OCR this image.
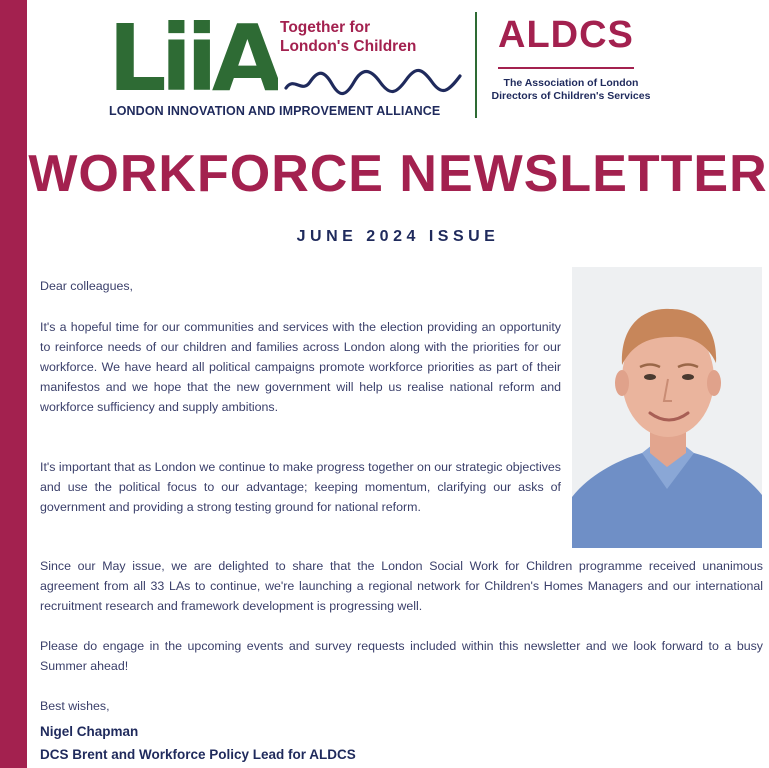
LiiA Together for
London's Children
LONDON INNOVATION AND IMPROVEMENT ALLIANCE
ALDCS
The Association of London
Directors of Children's Services
WORKFORCE NEWSLETTER
JUNE 2024 ISSUE

Dear colleagues,

It's a hopeful time for our communities and services with the election providing an opportunity to reinforce needs of our children and families across London along with the priorities for our workforce. We have heard all political campaigns promote workforce priorities as part of their manifestos and we hope that the new government will help us realise national reform and workforce sufficiency and supply ambitions.

It's important that as London we continue to make progress together on our strategic objectives and use the political focus to our advantage; keeping momentum, clarifying our asks of government and providing a strong testing ground for national reform.

Since our May issue, we are delighted to share that the London Social Work for Children programme received unanimous agreement from all 33 LAs to continue, we're launching a regional network for Children's Homes Managers and our international recruitment research and framework development is progressing well.

Please do engage in the upcoming events and survey requests included within this newsletter and we look forward to a busy Summer ahead!

Best wishes,

Nigel Chapman
DCS Brent and Workforce Policy Lead for ALDCS
